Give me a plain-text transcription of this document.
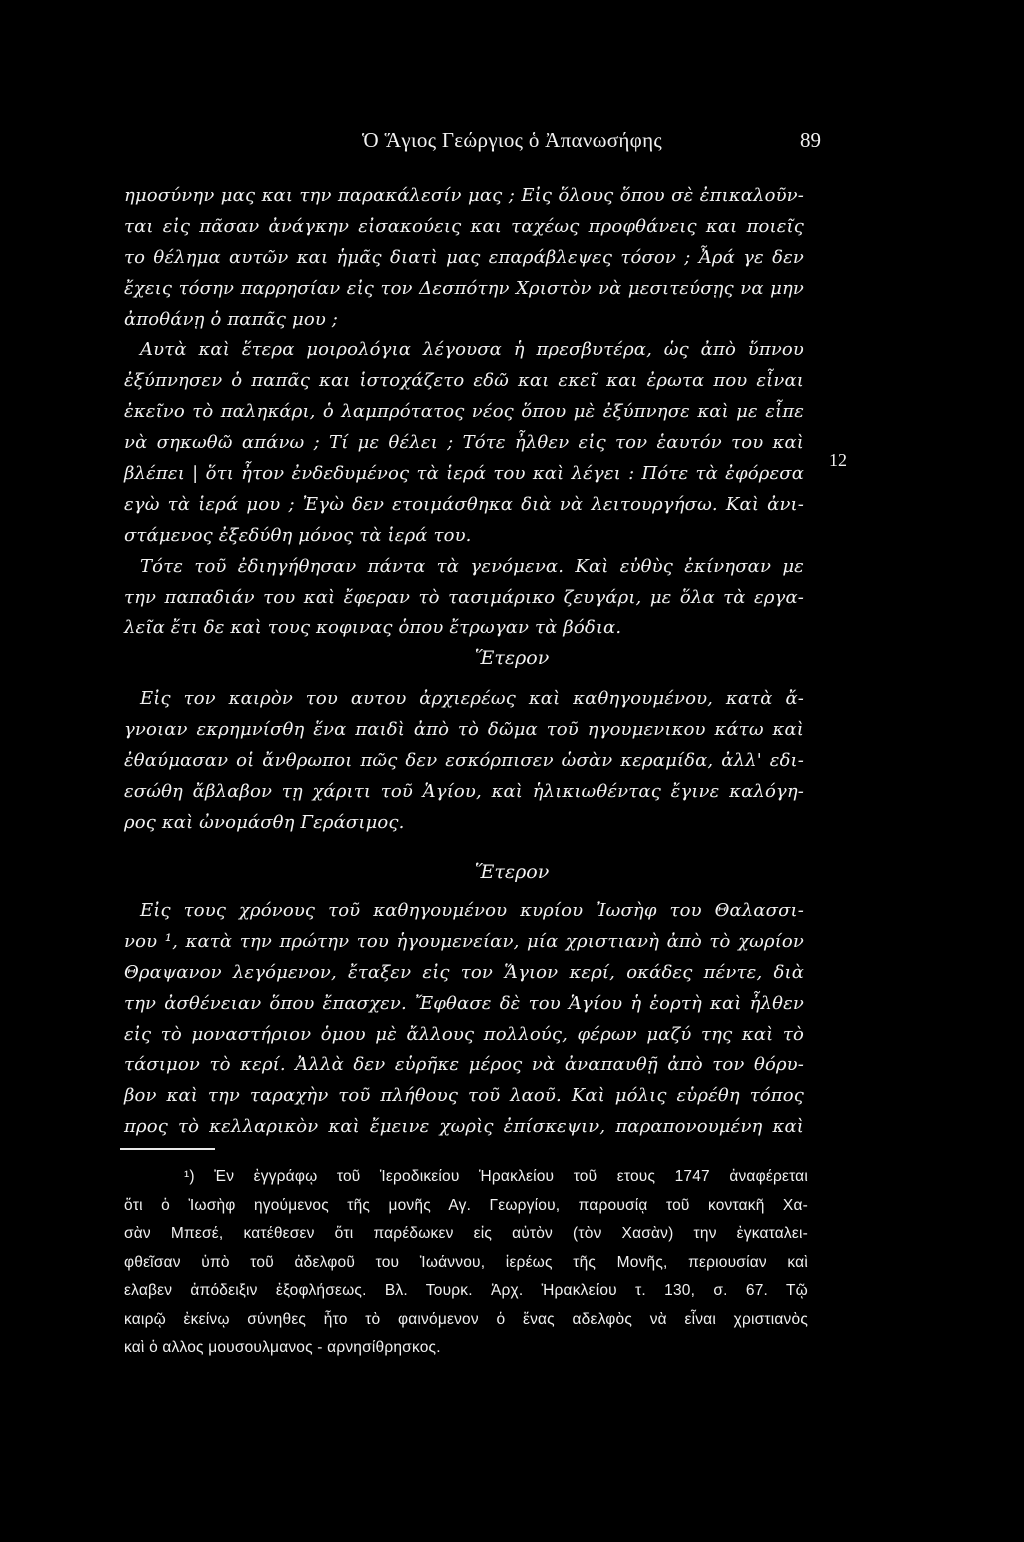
Ὁ Ἅγιος Γεώργιος ὁ Ἀπανωσήφης	89
ημοσύνην μας και την παρακάλεσίν μας ; Εἰς ὅλους ὅπου σὲ ἐπικαλοῦν-
ται εἰς πᾶσαν ἀνάγκην εἰσακούεις και ταχέως προφθάνεις και ποιεῖς
το θέλημα αυτῶν και ἡμᾶς διατὶ μας επαράβλεψες τόσον ; Ἆρά γε δεν
ἔχεις τόσην παρρησίαν εἰς τον Δεσπότην Χριστὸν νὰ μεσιτεύσῃς να μην
ἀποθάνῃ ὁ παπᾶς μου ;
Αυτὰ καὶ ἕτερα μοιρολόγια λέγουσα ἡ πρεσβυτέρα, ὡς ἀπὸ ὕπνου
ἐξύπνησεν ὁ παπᾶς και ἱστοχάζετο εδῶ και εκεῖ και ἐρωτα που εἶναι
ἐκεῖνο τὸ παληκάρι, ὁ λαμπρότατος νέος ὅπου μὲ ἐξύπνησε καὶ με εἶπε
νὰ σηκωθῶ απάνω ; Τί με θέλει ; Τότε ἦλθεν εἰς τον ἑαυτόν του καὶ
βλέπει | ὅτι ἦτον ἐνδεδυμένος τὰ ἱερά του καὶ λέγει : Πότε τὰ ἐφόρεσα
εγὼ τὰ ἱερά μου ; Ἐγὼ δεν ετοιμάσθηκα διὰ νὰ λειτουργήσω. Καὶ ἀνι-
στάμενος ἐξεδύθη μόνος τὰ ἱερά του.
Τότε τοῦ ἐδιηγήθησαν πάντα τὰ γενόμενα. Καὶ εὐθὺς ἐκίνησαν με
την παπαδιάν του καὶ ἔφεραν τὸ τασιμάρικο ζευγάρι, με ὅλα τὰ εργα-
λεῖα ἔτι δε καὶ τους κοφινας ὁπου ἔτρωγαν τὰ βόδια.
12
Ἕτερον
Εἰς τον καιρὸν του αυτου ἀρχιερέως καὶ καθηγουμένου, κατὰ ἄ-
γνοιαν εκρημνίσθη ἕνα παιδὶ ἀπὸ τὸ δῶμα τοῦ ηγουμενικου κάτω καὶ
ἐθαύμασαν οἱ ἄνθρωποι πῶς δεν εσκόρπισεν ὡσὰν κεραμίδα, ἀλλ' εδι-
εσώθη ἄβλαβον τῃ χάριτι τοῦ Ἁγίου, καὶ ἡλικιωθέντας ἔγινε καλόγη-
ρος καὶ ὠνομάσθη Γεράσιμος.
Ἕτερον
Εἰς τους χρόνους τοῦ καθηγουμένου κυρίου Ἰωσὴφ του Θαλασσι-
νου ¹, κατὰ την πρώτην του ἡγουμενείαν, μία χριστιανὴ ἀπὸ τὸ χωρίον
Θραψανον λεγόμενον, ἔταξεν εἰς τον Ἅγιον κερί, οκάδες πέντε, διὰ
την ἀσθένειαν ὅπου ἔπασχεν. Ἔφθασε δὲ του Ἁγίου ἡ ἑορτὴ καὶ ἦλθεν
εἰς τὸ μοναστήριον ὁμου μὲ ἄλλους πολλούς, φέρων μαζύ της καὶ τὸ
τάσιμον τὸ κερί. Ἀλλὰ δεν εὑρῆκε μέρος νὰ ἀναπαυθῇ ἀπὸ τον θόρυ-
βον καὶ την ταραχὴν τοῦ πλήθους τοῦ λαοῦ. Καὶ μόλις εὑρέθη τόπος
προς τὸ κελλαρικὸν καὶ ἔμεινε χωρὶς ἐπίσκεψιν, παραπονουμένη καὶ
¹) Ἐν ἐγγράφῳ τοῦ Ἱεροδικείου Ἡρακλείου τοῦ ετους 1747 ἀναφέρεται
ὅτι ὁ Ἰωσὴφ ηγούμενος τῆς μονῆς Αγ. Γεωργίου, παρουσίᾳ τοῦ κοντακῆ Χα-
σὰν Μπεσέ, κατέθεσεν ὅτι παρέδωκεν εἰς αὐτὸν (τὸν Χασὰν) την ἐγκαταλει-
φθεῖσαν ὑπὸ τοῦ ἀδελφοῦ του Ἰωάννου, ἱερέως τῆς Μονῆς, περιουσίαν καὶ
ελαβεν ἀπόδειξιν ἐξοφλήσεως. Βλ. Τουρκ. Ἀρχ. Ἡρακλείου τ. 130, σ. 67. Τῷ
καιρῷ ἐκείνῳ σύνηθες ἦτο τὸ φαινόμενον ὁ ἕνας αδελφὸς νὰ εἶναι χριστιανὸς
καὶ ὁ αλλος μουσουλμανος - αρνησίθρησκος.
